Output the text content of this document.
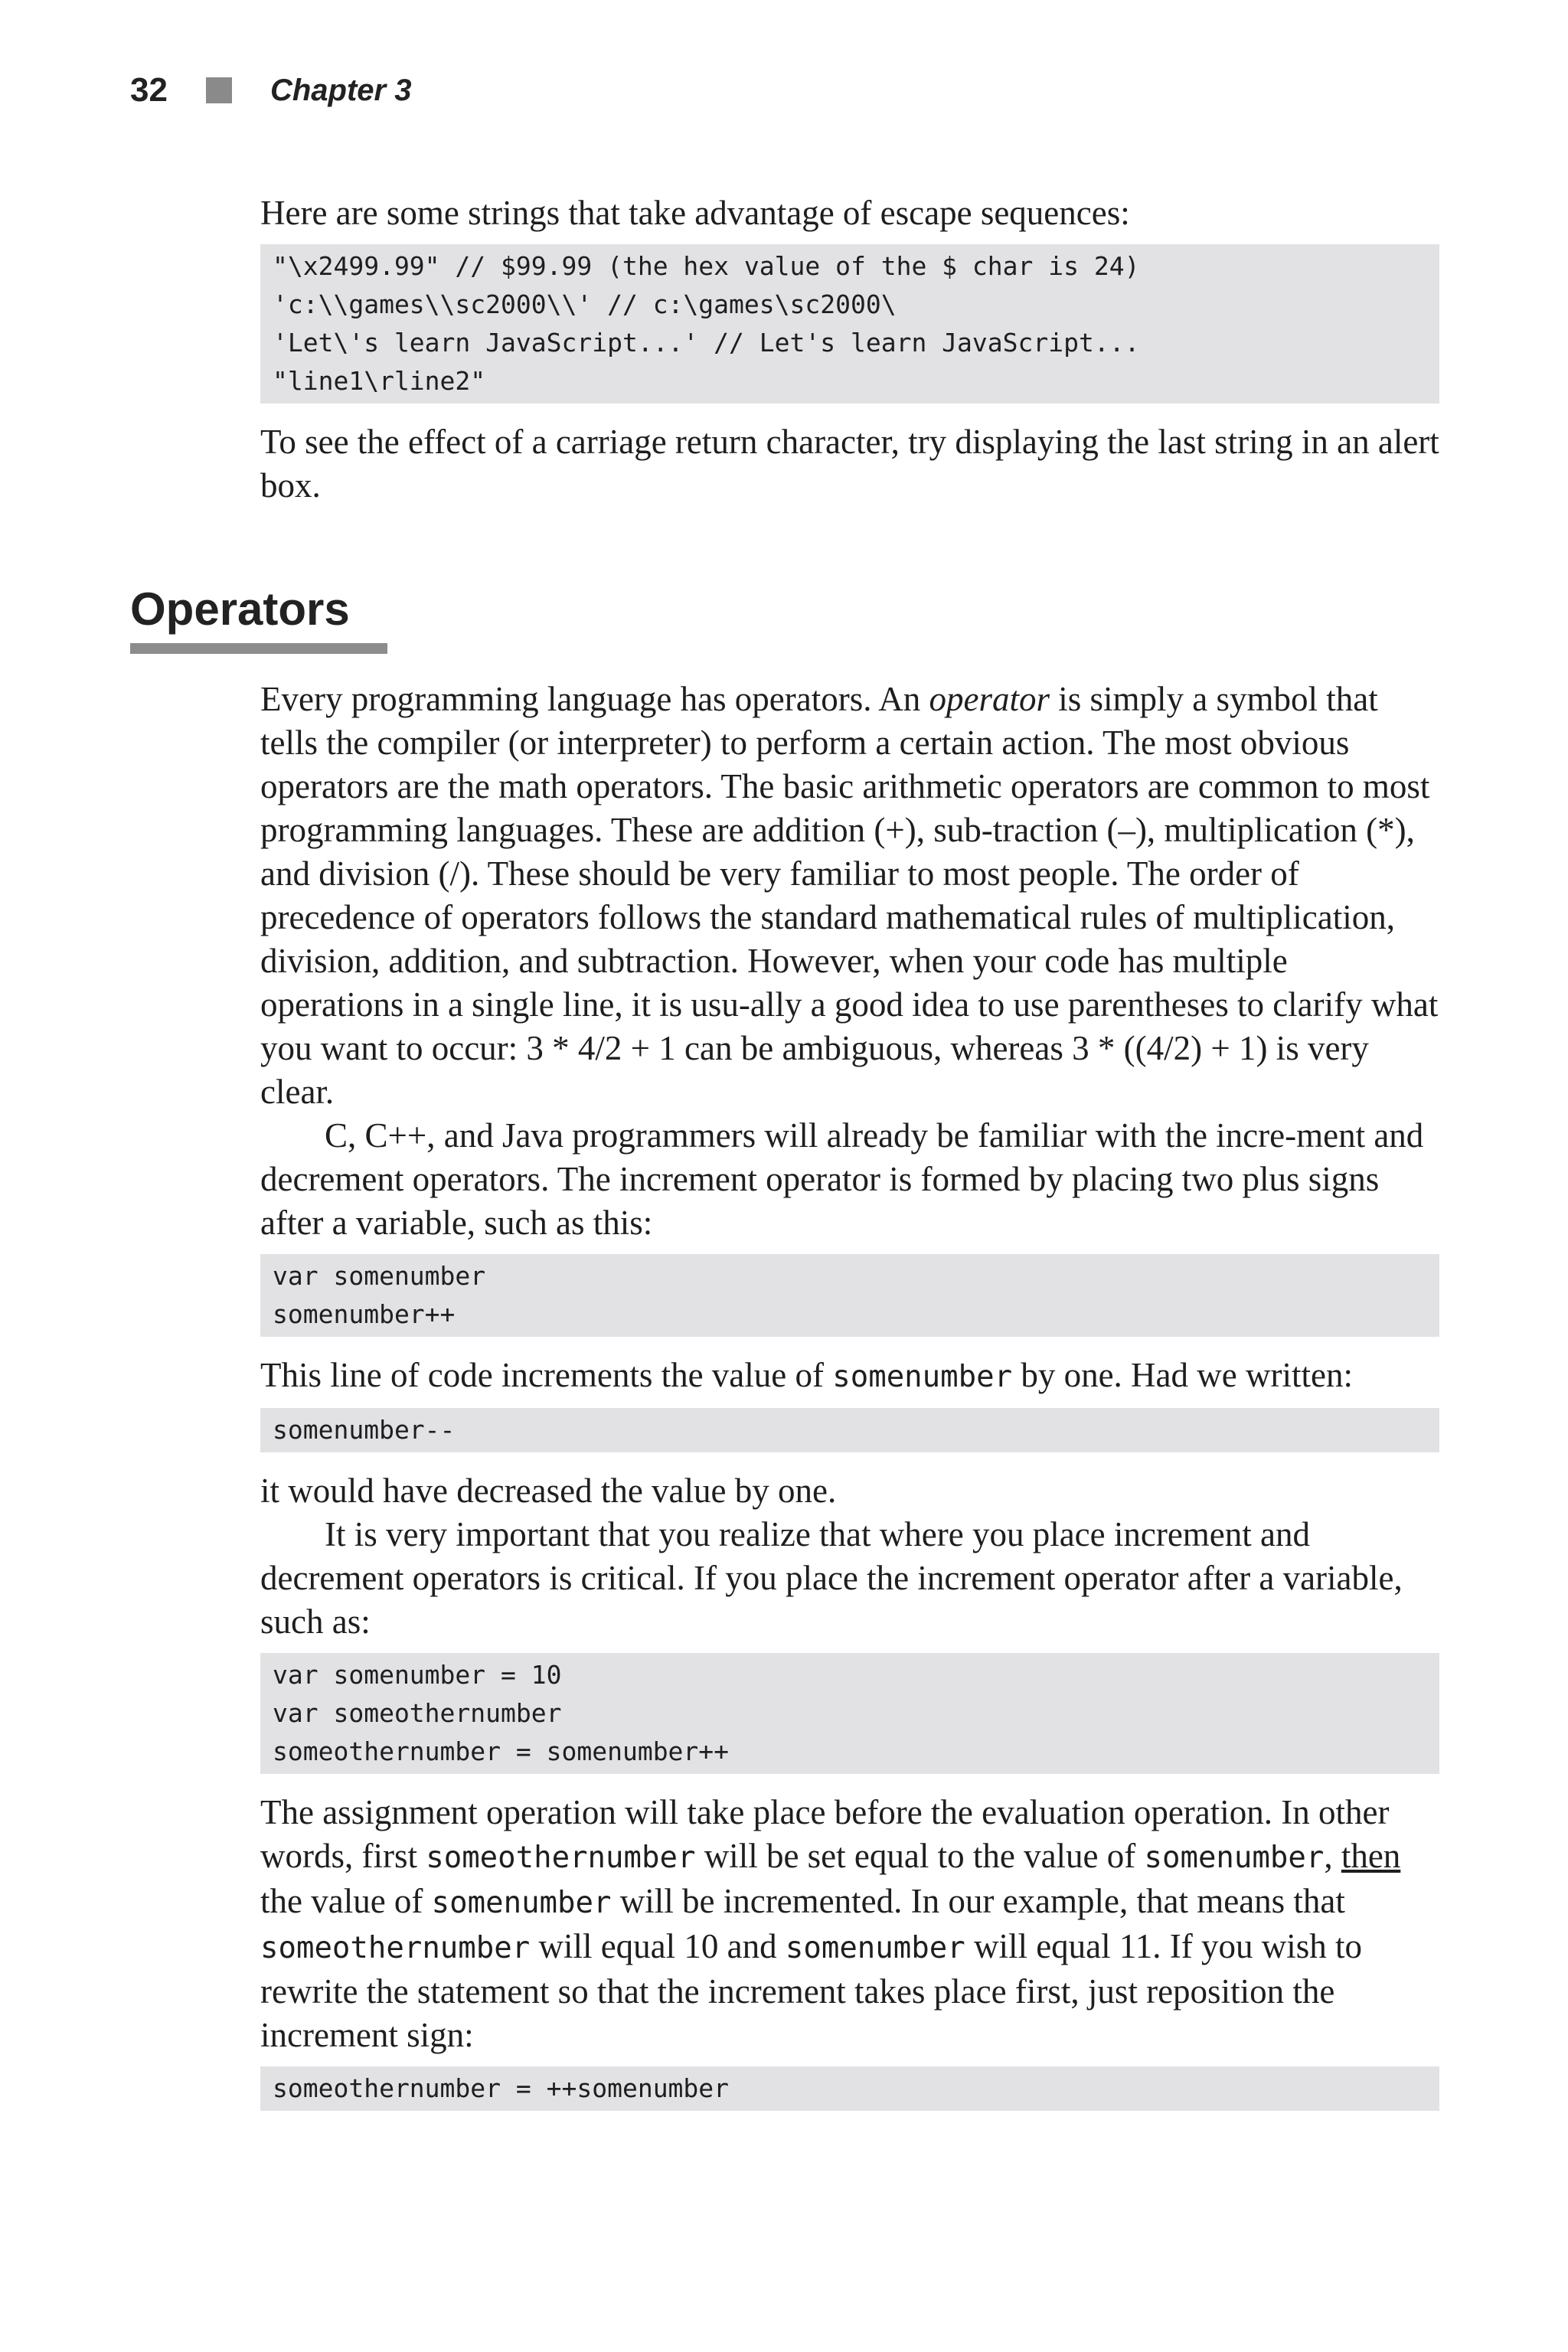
32	Chapter 3

Here are some strings that take advantage of escape sequences:

"\x2499.99" // $99.99 (the hex value of the $ char is 24)
'c:\\games\\sc2000\\' // c:\games\sc2000\
'Let\'s learn JavaScript...' // Let's learn JavaScript...
"line1\rline2"

To see the effect of a carriage return character, try displaying the last string in an alert box.

Operators

Every programming language has operators. An operator is simply a symbol that tells the compiler (or interpreter) to perform a certain action. The most obvious operators are the math operators. The basic arithmetic operators are common to most programming languages. These are addition (+), sub-traction (–), multiplication (*), and division (/). These should be very familiar to most people. The order of precedence of operators follows the standard mathematical rules of multiplication, division, addition, and subtraction. However, when your code has multiple operations in a single line, it is usu-ally a good idea to use parentheses to clarify what you want to occur: 3 * 4/2 + 1 can be ambiguous, whereas 3 * ((4/2) + 1) is very clear.

C, C++, and Java programmers will already be familiar with the incre-ment and decrement operators. The increment operator is formed by placing two plus signs after a variable, such as this:

var somenumber
somenumber++

This line of code increments the value of somenumber by one. Had we written:

somenumber--

it would have decreased the value by one.

It is very important that you realize that where you place increment and decrement operators is critical. If you place the increment operator after a variable, such as:

var somenumber = 10
var someothernumber
someothernumber = somenumber++

The assignment operation will take place before the evaluation operation. In other words, first someothernumber will be set equal to the value of somenumber, then the value of somenumber will be incremented. In our example, that means that someothernumber will equal 10 and somenumber will equal 11. If you wish to rewrite the statement so that the increment takes place first, just reposition the increment sign:

someothernumber = ++somenumber
